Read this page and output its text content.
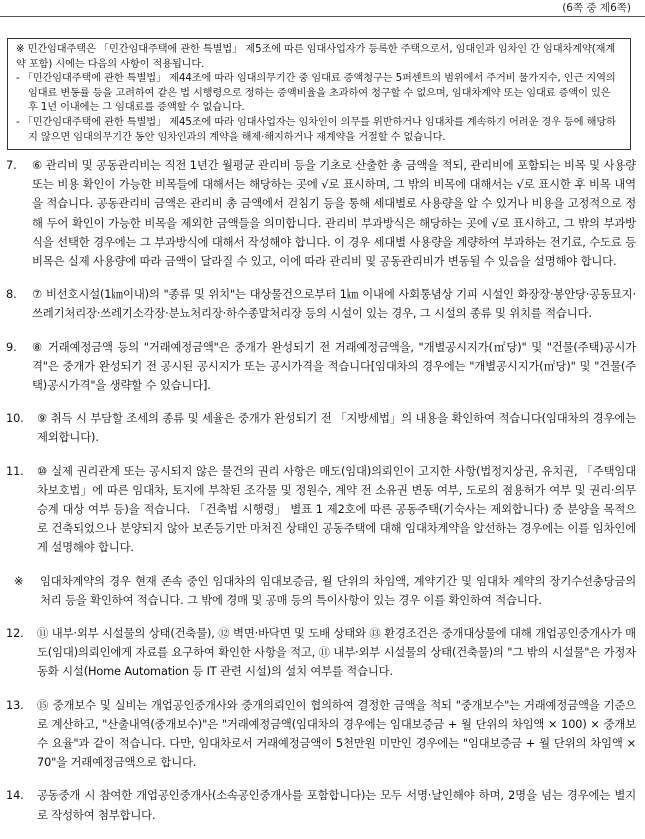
(6쪽 중 제6쪽)

※ 민간임대주택은 「민간임대주택에 관한 특별법」 제5조에 따른 임대사업자가 등록한 주택으로서, 임대인과 임차인 간 임대차계약(재계약 포함) 시에는 다음의 사항이 적용됩니다.

- 「민간임대주택에 관한 특별법」 제44조에 따라 임대의무기간 중 임대료 증액청구는 5퍼센트의 범위에서 주거비 물가지수, 인근 지역의 임대료 변동률 등을 고려하여 같은 법 시행령으로 정하는 증액비율을 초과하여 청구할 수 없으며, 임대차계약 또는 임대료 증액이 있은 후 1년 이내에는 그 임대료를 증액할 수 없습니다.

- 「민간임대주택에 관한 특별법」 제45조에 따라 임대사업자는 임차인이 의무를 위반하거나 임대차를 계속하기 어려운 경우 등에 해당하지 않으면 임대의무기간 동안 임차인과의 계약을 해제·해지하거나 재계약을 거절할 수 없습니다.

7. ⑥ 관리비 및 공동관리비는 직전 1년간 월평균 관리비 등을 기초로 산출한 총 금액을 적되, 관리비에 포함되는 비목 및 사용량 또는 비용 확인이 가능한 비목들에 대해서는 해당하는 곳에 √로 표시하며, 그 밖의 비목에 대해서는 √로 표시한 후 비목 내역을 적습니다. 공동관리비 금액은 관리비 총 금액에서 걷침기 등을 통해 세대별로 사용량을 알 수 있거나 비용을 고정적으로 정해 두어 확인이 가능한 비목을 제외한 금액들을 의미합니다. 관리비 부과방식은 해당하는 곳에 √로 표시하고, 그 밖의 부과방식을 선택한 경우에는 그 부과방식에 대해서 작성해야 합니다. 이 경우 세대별 사용량을 계량하여 부과하는 전기료, 수도료 등 비목은 실제 사용량에 따라 금액이 달라질 수 있고, 이에 따라 관리비 및 공동관리비가 변동될 수 있음을 설명해야 합니다.
8. ⑦ 비선호시설(1㎞이내)의 "종류 및 위치"는 대상물건으로부터 1㎞ 이내에 사회통념상 기피 시설인 화장장·봉안당·공동묘지·쓰레기처리장·쓰레기소각장·분뇨처리장·하수종말처리장 등의 시설이 있는 경우, 그 시설의 종류 및 위치를 적습니다.
9. ⑧ 거래예정금액 등의 "거래예정금액"은 중개가 완성되기 전 거래예정금액을, "개별공시지가(㎡당)" 및 "건물(주택)공시가격"은 중개가 완성되기 전 공시된 공시지가 또는 공시가격을 적습니다[임대차의 경우에는 "개별공시지가(㎡당)" 및 "건물(주택)공시가격"을 생략할 수 있습니다].
10. ⑨ 취득 시 부담할 조세의 종류 및 세율은 중개가 완성되기 전 「지방세법」의 내용을 확인하여 적습니다(임대차의 경우에는 제외합니다).
11. ⑩ 실제 권리관계 또는 공시되지 않은 물건의 권리 사항은 매도(임대)의뢰인이 고지한 사항(법정지상권, 유치권, 「주택임대차보호법」에 따른 임대차, 토지에 부착된 조각물 및 정원수, 계약 전 소유권 변동 여부, 도로의 점용허가 여부 및 권리·의무 승계 대상 여부 등)을 적습니다. 「건축법 시행령」 별표 1 제2호에 따른 공동주택(기숙사는 제외합니다) 중 분양을 목적으로 건축되었으나 분양되지 않아 보존등기만 마쳐진 상태인 공동주택에 대해 임대차계약을 알선하는 경우에는 이를 임차인에게 설명해야 합니다.
※ 임대차계약의 경우 현재 존속 중인 임대차의 임대보증금, 월 단위의 차임액, 계약기간 및 임대차 계약의 장기수선충당금의 처리 등을 확인하여 적습니다. 그 밖에 경매 및 공매 등의 특이사항이 있는 경우 이를 확인하여 적습니다.
12. ⑪ 내부·외부 시설물의 상태(건축물), ⑫ 벽면·바닥면 및 도배 상태와 ⑬ 환경조건은 중개대상물에 대해 개업공인중개사가 매도(임대)의뢰인에게 자료를 요구하여 확인한 사항을 적고, ⑪ 내부·외부 시설물의 상태(건축물)의 "그 밖의 시설물"은 가정자동화 시설(Home Automation 등 IT 관련 시설)의 설치 여부를 적습니다.
13. ⑮ 중개보수 및 실비는 개업공인중개사와 중개의뢰인이 협의하여 결정한 금액을 적되 "중개보수"는 거래예정금액을 기준으로 계산하고, "산출내역(중개보수)"은 "거래예정금액(임대차의 경우에는 임대보증금 + 월 단위의 차임액 × 100) × 중개보수 요율"과 같이 적습니다. 다만, 임대차로서 거래예정금액이 5천만원 미만인 경우에는 "임대보증금 + 월 단위의 차임액 × 70"을 거래예정금액으로 합니다.
14. 공동중개 시 참여한 개업공인중개사(소속공인중개사를 포함합니다)는 모두 서명·날인해야 하며, 2명을 넘는 경우에는 별지로 작성하여 첨부합니다.
